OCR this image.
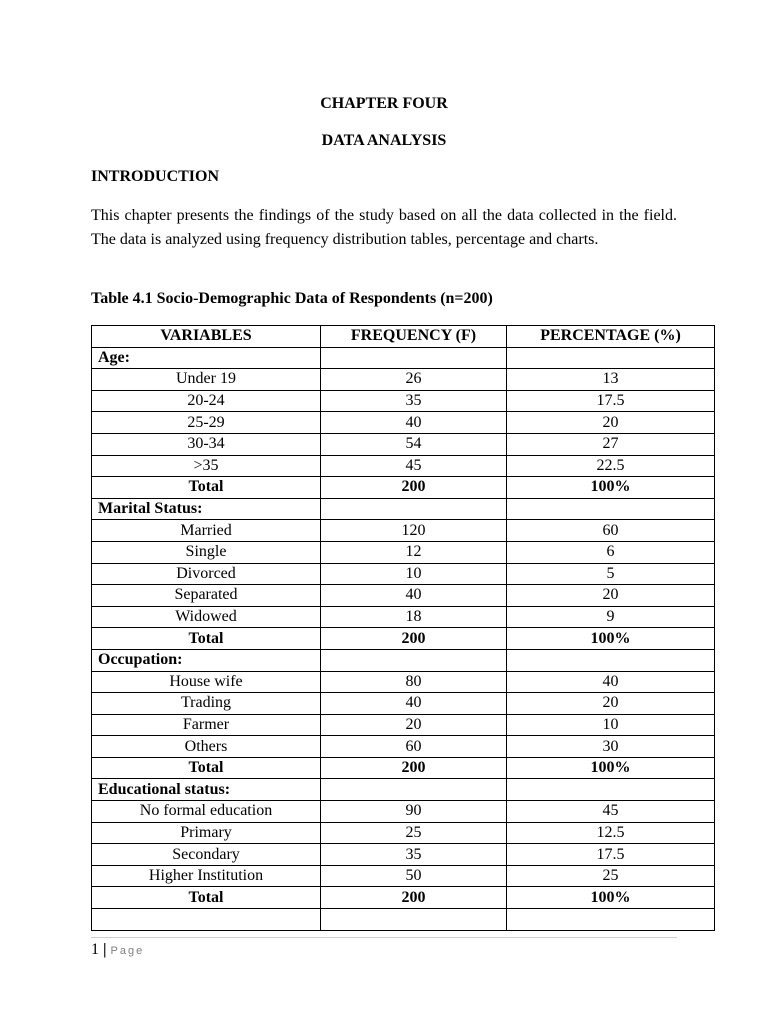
CHAPTER FOUR
DATA ANALYSIS
INTRODUCTION
This chapter presents the findings of the study based on all the data collected in the field. The data is analyzed using frequency distribution tables, percentage and charts.
Table 4.1 Socio-Demographic Data of Respondents (n=200)
VARIABLES	FREQUENCY (F)	PERCENTAGE (%)
Age:		
Under 19	26	13
20-24	35	17.5
25-29	40	20
30-34	54	27
>35	45	22.5
Total	200	100%
Marital Status:		
Married	120	60
Single	12	6
Divorced	10	5
Separated	40	20
Widowed	18	9
Total	200	100%
Occupation:		
House wife	80	40
Trading	40	20
Farmer	20	10
Others	60	30
Total	200	100%
Educational status:		
No formal education	90	45
Primary	25	12.5
Secondary	35	17.5
Higher Institution	50	25
Total	200	100%

1 | Page
